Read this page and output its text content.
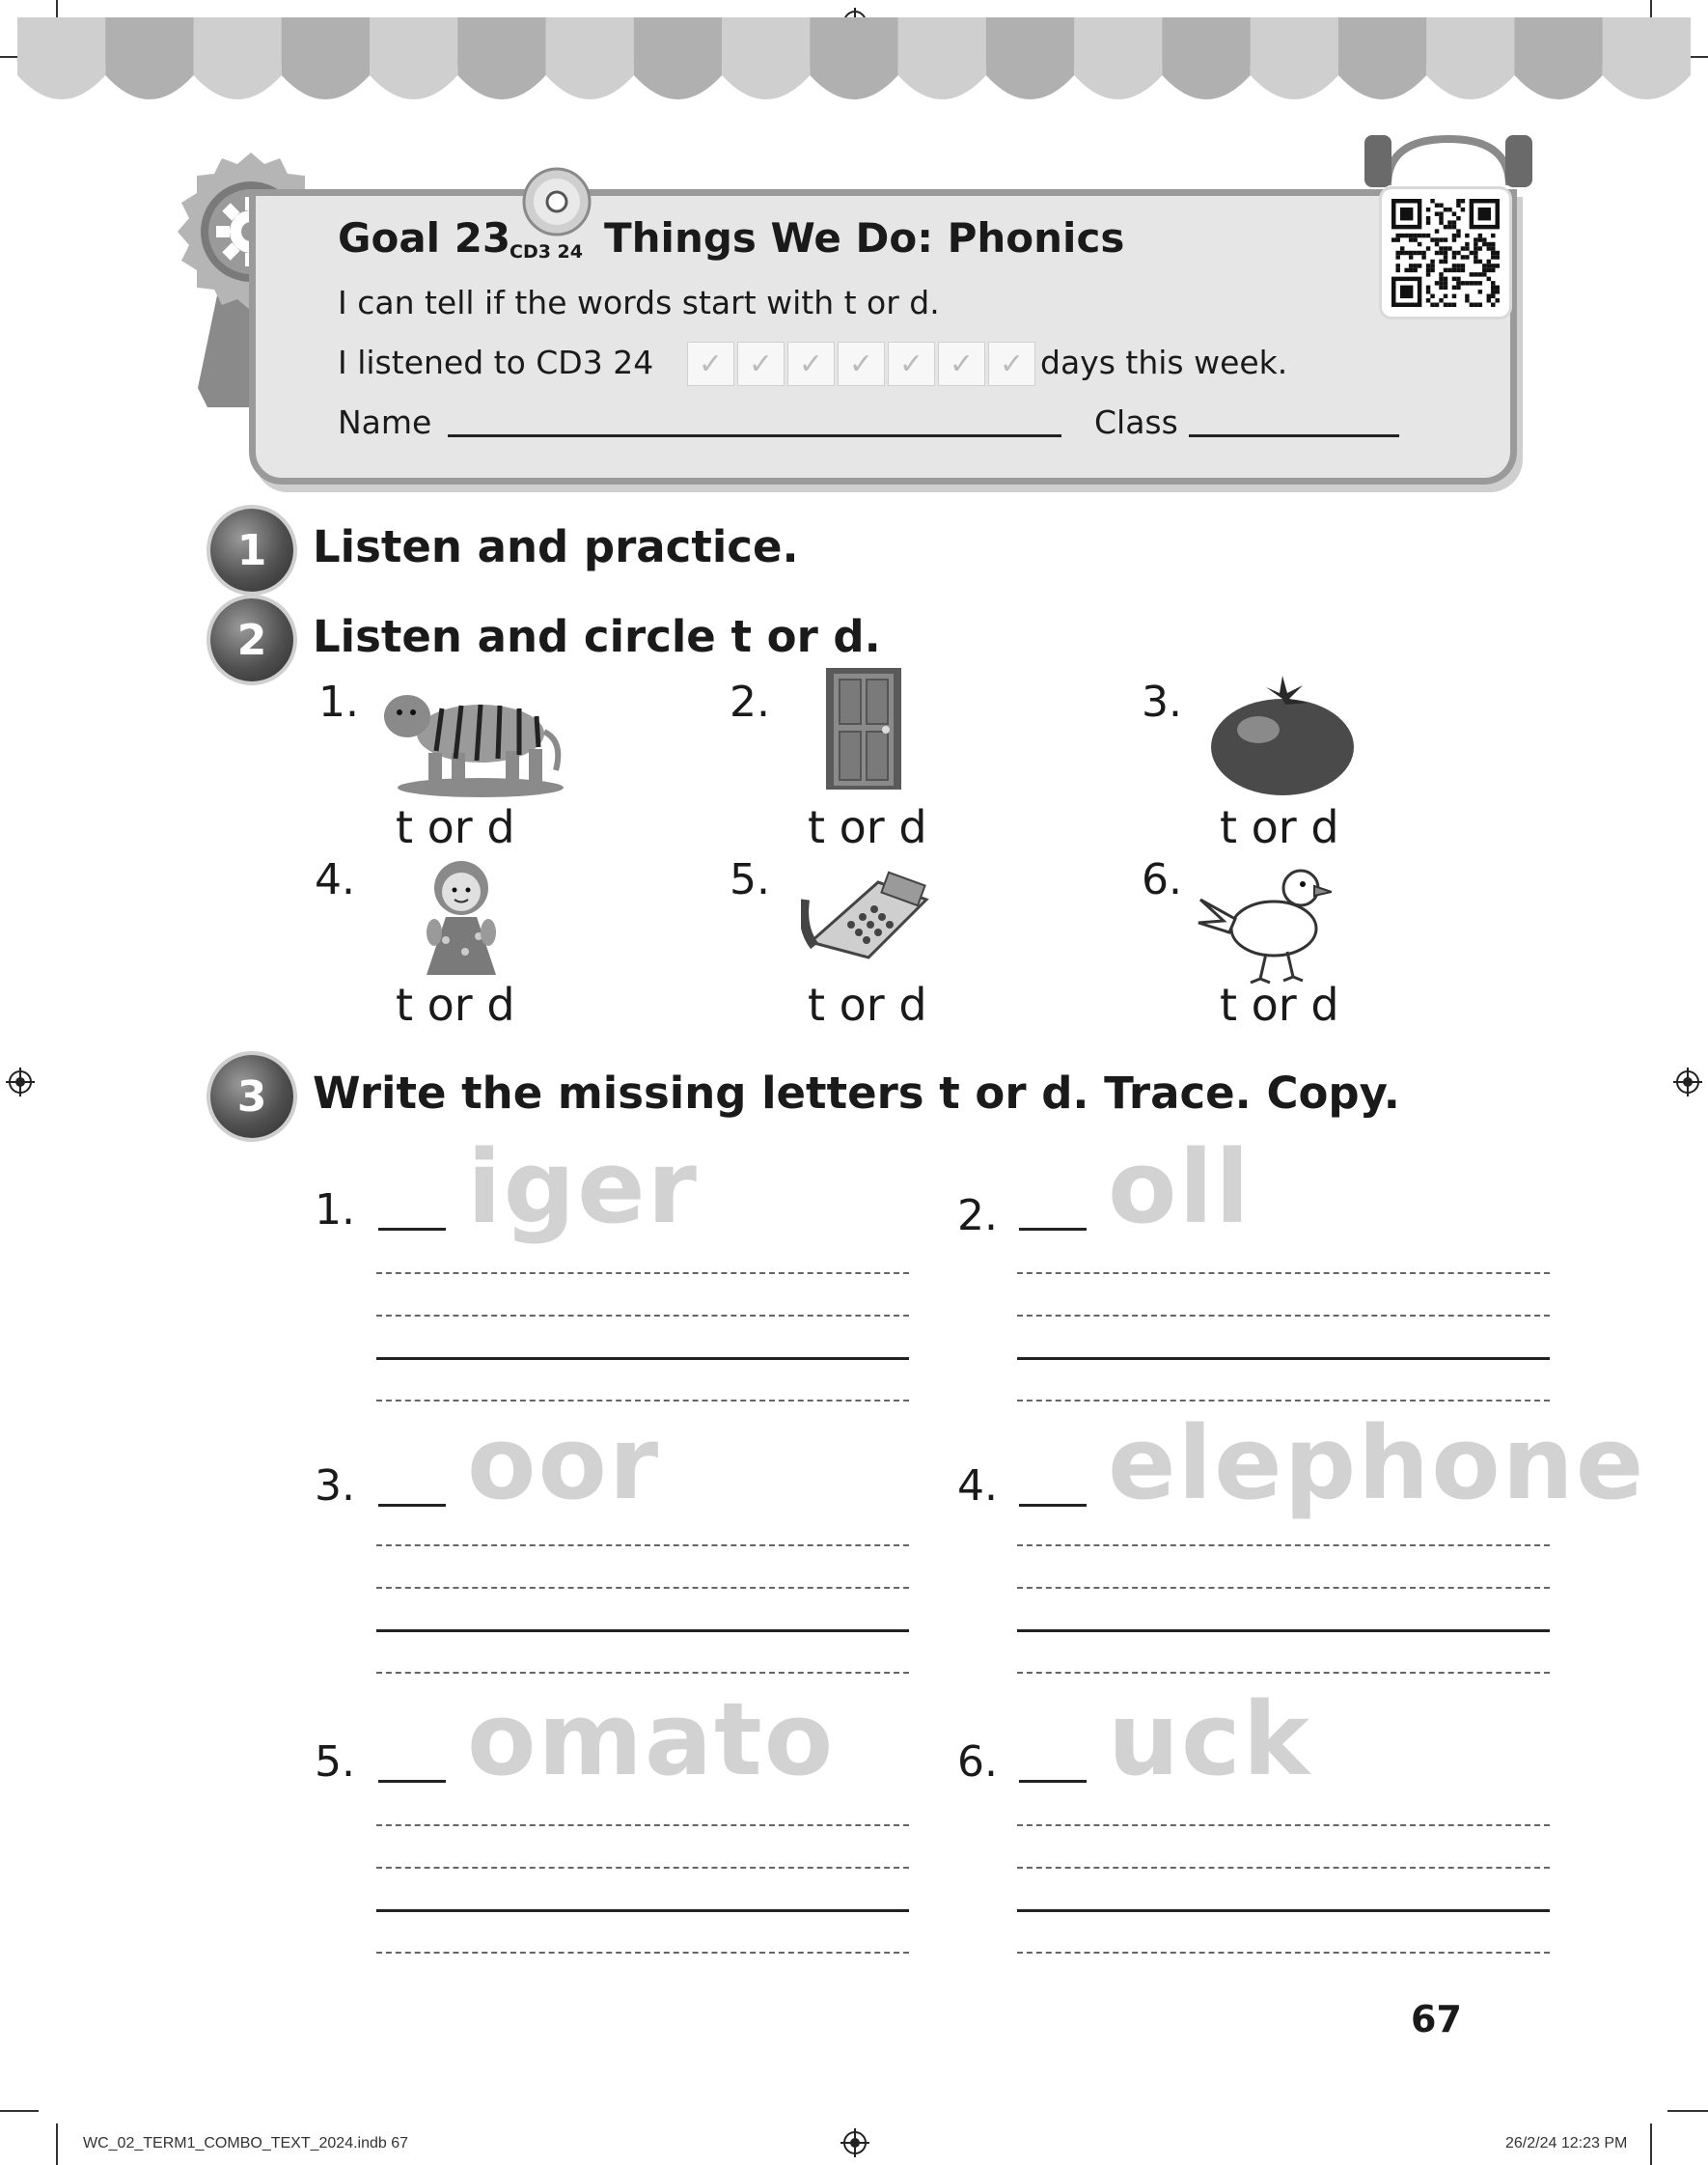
Goal 23
CD3 24 Things We Do: Phonics
I can tell if the words start with t or d.
I listened to CD3 24	✓ ✓ ✓ ✓ ✓ ✓ ✓ days this week.
Name	Class
1	Listen and practice.
2	Listen and circle t or d.
1.	2.	3.
4.	5.	6.
t or d	t or d	t or d
t or d	t or d	t or d
3	Write the missing letters t or d. Trace. Copy.
1. iger
3. oor
5. omato
2. oll
4. elephone
6. uck
67
WC_02_TERM1_COMBO_TEXT_2024.indb 67	26/2/24 12:23 PM
